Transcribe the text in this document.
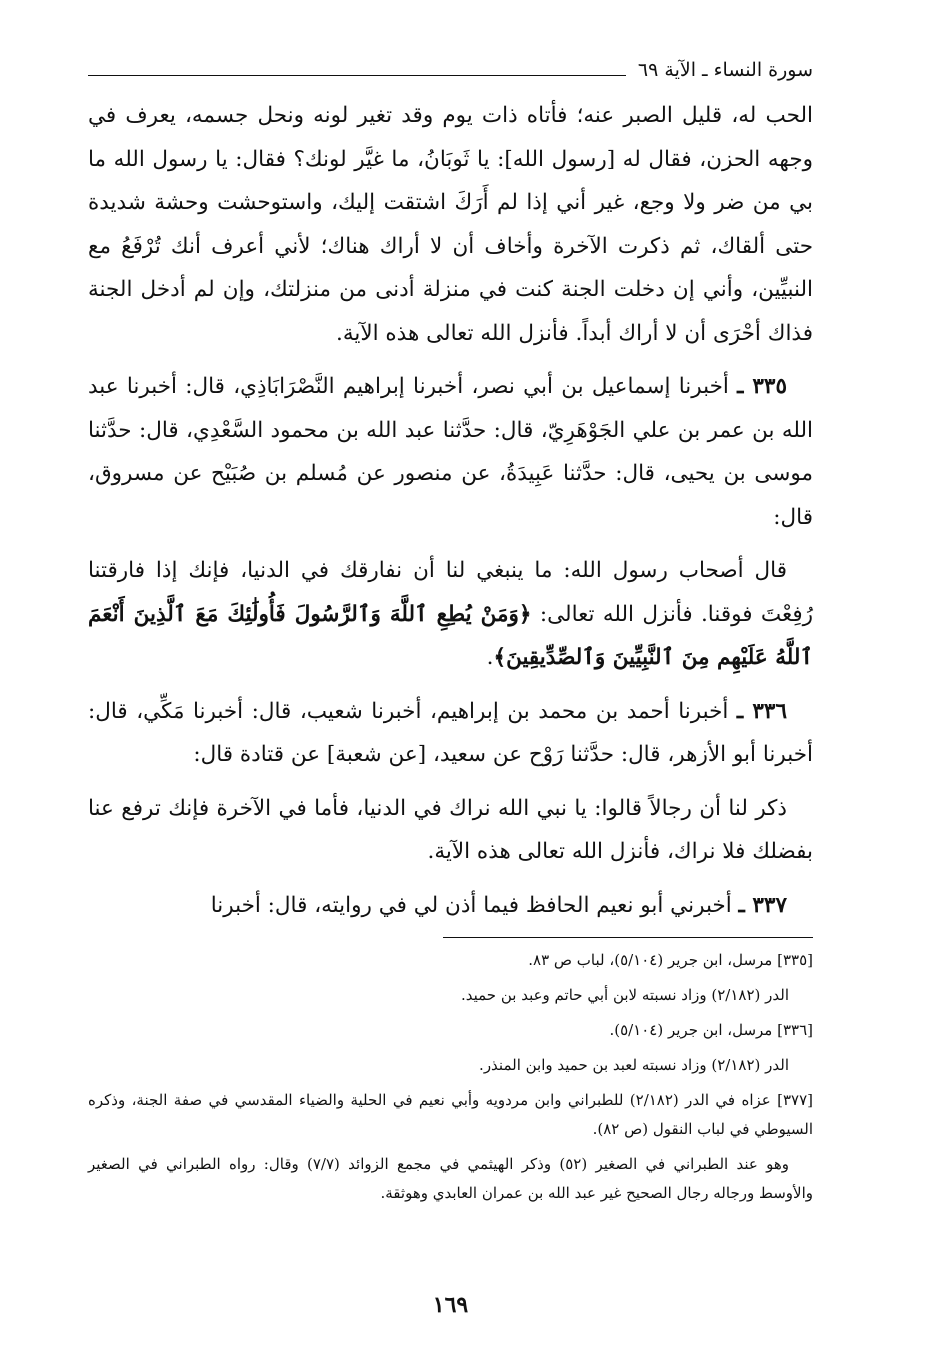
سورة النساء ـ الآية ٦٩

الحب له، قليل الصبر عنه؛ فأتاه ذات يوم وقد تغير لونه ونحل جسمه، يعرف في وجهه الحزن، فقال له [رسول الله]: يا ثَوبَانُ، ما غيَّر لونك؟ فقال: يا رسول الله ما بي من ضر ولا وجع، غير أني إذا لم أَرَكَ اشتقت إليك، واستوحشت وحشة شديدة حتى ألقاك، ثم ذكرت الآخرة وأخاف أن لا أراك هناك؛ لأني أعرف أنك تُرْفَعُ مع النبيِّين، وأني إن دخلت الجنة كنت في منزلة أدنى من منزلتك، وإن لم أدخل الجنة فذاك أحْرَى أن لا أراك أبداً. فأنزل الله تعالى هذه الآية.

٣٣٥ ـ أخبرنا إسماعيل بن أبي نصر، أخبرنا إبراهيم النَّصْرَابَاذِي، قال: أخبرنا عبد الله بن عمر بن علي الجَوْهَرِيّ، قال: حدَّثنا عبد الله بن محمود السَّعْدِي، قال: حدَّثنا موسى بن يحيى، قال: حدَّثنا عَبِيدَةُ، عن منصور عن مُسلم بن صُبَيْح عن مسروق، قال:

قال أصحاب رسول الله: ما ينبغي لنا أن نفارقك في الدنيا، فإنك إذا فارقتنا رُفِعْتَ فوقنا. فأنزل الله تعالى: ﴿وَمَنْ يُطِعِ ٱللَّهَ وَٱلرَّسُولَ فَأُولَٰئِكَ مَعَ ٱلَّذِينَ أَنْعَمَ ٱللَّهُ عَلَيْهِم مِنَ ٱلنَّبِيِّينَ وَٱلصِّدِّيقِينَ﴾.

٣٣٦ ـ أخبرنا أحمد بن محمد بن إبراهيم، أخبرنا شعيب، قال: أخبرنا مَكِّي، قال: أخبرنا أبو الأزهر، قال: حدَّثنا رَوْح عن سعيد، [عن شعبة] عن قتادة قال:

ذكر لنا أن رجالاً قالوا: يا نبي الله نراك في الدنيا، فأما في الآخرة فإنك ترفع عنا بفضلك فلا نراك، فأنزل الله تعالى هذه الآية.

٣٣٧ ـ أخبرني أبو نعيم الحافظ فيما أذن لي في روايته، قال: أخبرنا

[٣٣٥] مرسل، ابن جرير (٥/١٠٤)، لباب ص ٨٣.

الدر (٢/١٨٢) وزاد نسبته لابن أبي حاتم وعبد بن حميد.

[٣٣٦] مرسل، ابن جرير (٥/١٠٤).

الدر (٢/١٨٢) وزاد نسبته لعبد بن حميد وابن المنذر.

[٣٧٧] عزاه في الدر (٢/١٨٢) للطبراني وابن مردويه وأبي نعيم في الحلية والضياء المقدسي في صفة الجنة، وذكره السيوطي في لباب النقول (ص ٨٢).

وهو عند الطبراني في الصغير (٥٢) وذكر الهيثمي في مجمع الزوائد (٧/٧) وقال: رواه الطبراني في الصغير والأوسط ورجاله رجال الصحيح غير عبد الله بن عمران العابدي وهوثقة.

١٦٩
